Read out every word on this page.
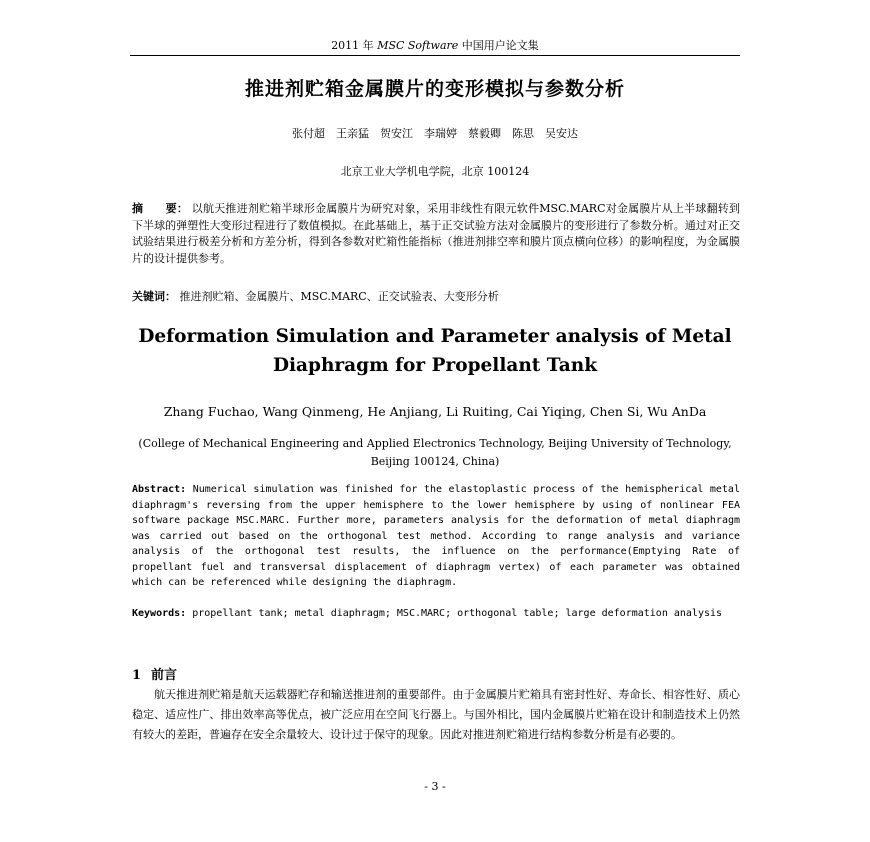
2011 年 MSC Software 中国用户论文集
推进剂贮箱金属膜片的变形模拟与参数分析
张付超　王亲猛　贺安江　李瑞婷　蔡毅卿　陈思　吴安达
北京工业大学机电学院，北京 100124
摘　　要： 以航天推进剂贮箱半球形金属膜片为研究对象，采用非线性有限元软件MSC.MARC对金属膜片从上半球翻转到下半球的弹塑性大变形过程进行了数值模拟。在此基础上，基于正交试验方法对金属膜片的变形进行了参数分析。通过对正交试验结果进行极差分析和方差分析，得到各参数对贮箱性能指标（推进剂排空率和膜片顶点横向位移）的影响程度，为金属膜片的设计提供参考。
关键词： 推进剂贮箱、金属膜片、MSC.MARC、正交试验表、大变形分析
Deformation Simulation and Parameter analysis of Metal Diaphragm for Propellant Tank
Zhang Fuchao, Wang Qinmeng, He Anjiang, Li Ruiting, Cai Yiqing, Chen Si, Wu AnDa
(College of Mechanical Engineering and Applied Electronics Technology, Beijing University of Technology, Beijing 100124, China)
Abstract: Numerical simulation was finished for the elastoplastic process of the hemispherical metal diaphragm's reversing from the upper hemisphere to the lower hemisphere by using of nonlinear FEA software package MSC.MARC. Further more, parameters analysis for the deformation of metal diaphragm was carried out based on the orthogonal test method. According to range analysis and variance analysis of the orthogonal test results, the influence on the performance(Emptying Rate of propellant fuel and transversal displacement of diaphragm vertex) of each parameter was obtained which can be referenced while designing the diaphragm.
Keywords: propellant tank; metal diaphragm; MSC.MARC; orthogonal table; large deformation analysis
1 前言
航天推进剂贮箱是航天运载器贮存和输送推进剂的重要部件。由于金属膜片贮箱具有密封性好、寿命长、相容性好、质心稳定、适应性广、排出效率高等优点，被广泛应用在空间飞行器上。与国外相比，国内金属膜片贮箱在设计和制造技术上仍然有较大的差距，普遍存在安全余量较大、设计过于保守的现象。因此对推进剂贮箱进行结构参数分析是有必要的。
- 3 -
